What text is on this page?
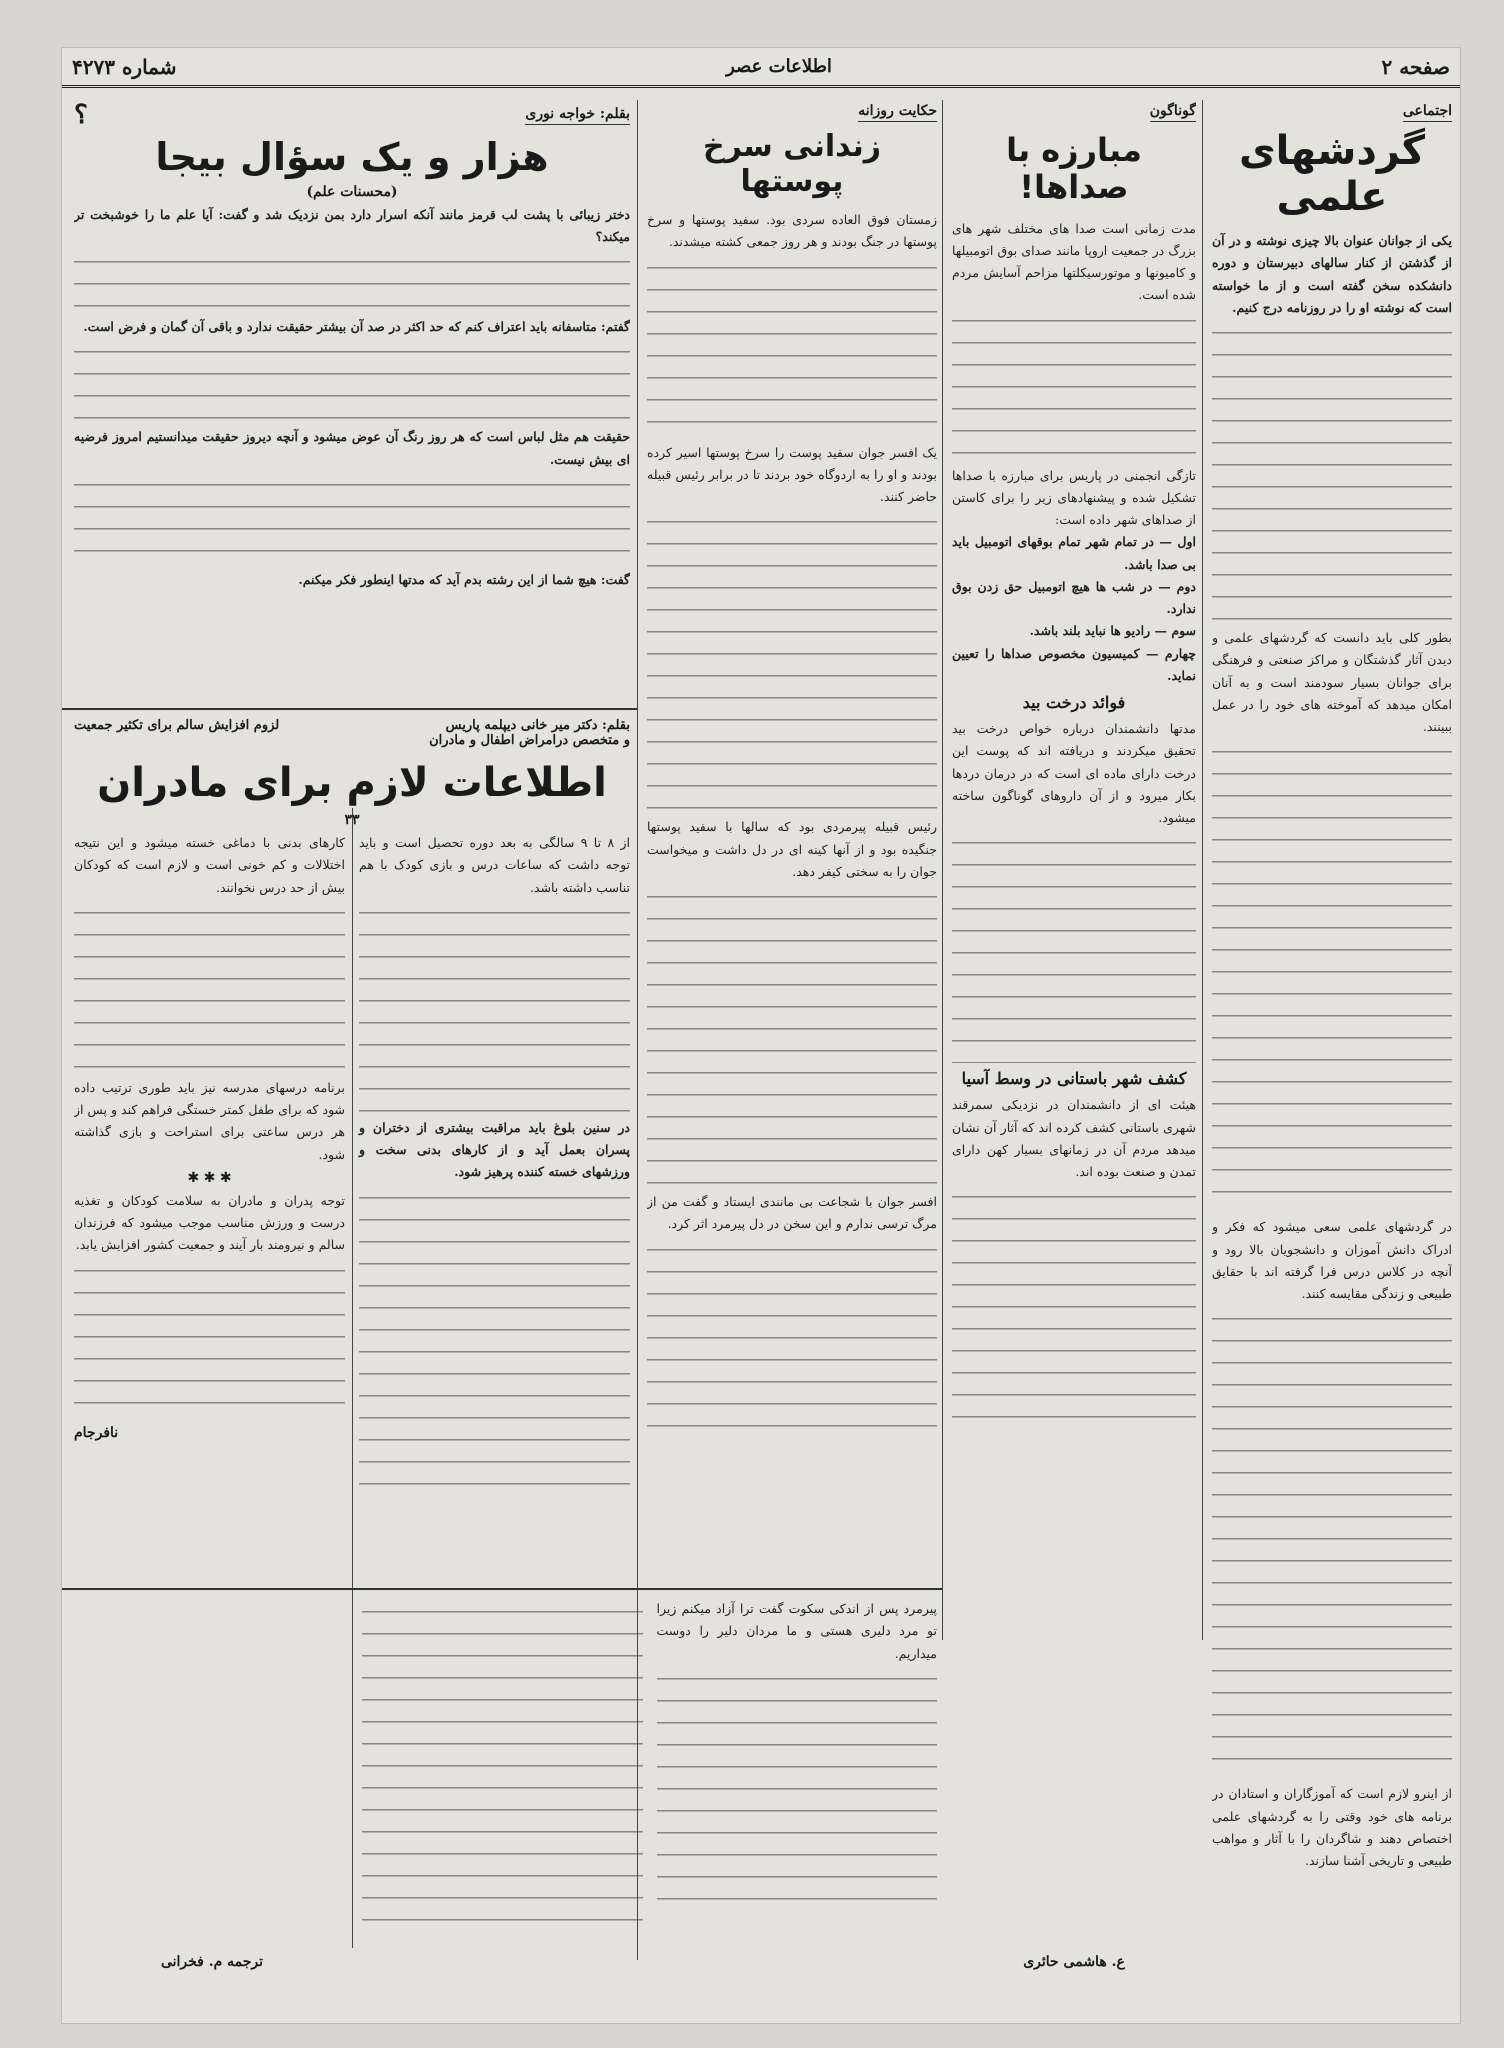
صفحه ۲
اطلاعات عصر
شماره ۴۲۷۳
اجتماعی
گردشهای علمی

یکی از جوانان عنوان بالا چیزی نوشته و در آن از گذشتن از کنار سالهای دبیرستان و دوره دانشکده سخن گفته است و از ما خواسته است که نوشته او را در روزنامه درج کنیم.

بطور کلی باید دانست که گردشهای علمی و دیدن آثار گذشتگان و مراکز صنعتی و فرهنگی برای جوانان بسیار سودمند است و به آنان امکان میدهد که آموخته های خود را در عمل ببینند.

در گردشهای علمی سعی میشود که فکر و ادراک دانش آموزان و دانشجویان بالا رود و آنچه در کلاس درس فرا گرفته اند با حقایق طبیعی و زندگی مقایسه کنند.

از اینرو لازم است که آموزگاران و استادان در برنامه های خود وقتی را به گردشهای علمی اختصاص دهند و شاگردان را با آثار و مواهب طبیعی و تاریخی آشنا سازند.

گوناگون
مبارزه با صداها!

مدت زمانی است صدا های مختلف شهر های بزرگ در جمعیت اروپا مانند صدای بوق اتومبیلها و کامیونها و موتورسیکلتها مزاحم آسایش مردم شده است.

تازگی انجمنی در پاریس برای مبارزه با صداها تشکیل شده و پیشنهادهای زیر را برای کاستن از صداهای شهر داده است:

اول — در تمام شهر تمام بوقهای اتومبیل باید بی صدا باشد.

دوم — در شب ها هیچ اتومبیل حق زدن بوق ندارد.

سوم — رادیو ها نباید بلند باشد.

چهارم — کمیسیون مخصوص صداها را تعیین نماید.

فوائد درخت بید

مدتها دانشمندان درباره خواص درخت بید تحقیق میکردند و دریافته اند که پوست این درخت دارای ماده ای است که در درمان دردها بکار میرود و از آن داروهای گوناگون ساخته میشود.

کشف شهر باستانی در وسط آسیا

هیئت ای از دانشمندان در نزدیکی سمرقند شهری باستانی کشف کرده اند که آثار آن نشان میدهد مردم آن در زمانهای بسیار کهن دارای تمدن و صنعت بوده اند.

حکایت روزانه
زندانی سرخ پوستها

زمستان فوق العاده سردی بود. سفید پوستها و سرخ پوستها در جنگ بودند و هر روز جمعی کشته میشدند.

یک افسر جوان سفید پوست را سرخ پوستها اسیر کرده بودند و او را به اردوگاه خود بردند تا در برابر رئیس قبیله حاضر کنند.

رئیس قبیله پیرمردی بود که سالها با سفید پوستها جنگیده بود و از آنها کینه ای در دل داشت و میخواست جوان را به سختی کیفر دهد.

افسر جوان با شجاعت بی مانندی ایستاد و گفت من از مرگ ترسی ندارم و این سخن در دل پیرمرد اثر کرد.

پیرمرد پس از اندکی سکوت گفت ترا آزاد میکنم زیرا تو مرد دلیری هستی و ما مردان دلیر را دوست میداریم.

ترجمه م. فخرانی	ع. هاشمی حائری
بقلم: خواجه نوری
؟
هزار و یک سؤال بیجا
(محسنات علم)

دختر زیبائی با پشت لب قرمز مانند آنکه اسرار دارد بمن نزدیک شد و گفت: آیا علم ما را خوشبخت تر میکند؟

گفتم: متاسفانه باید اعتراف کنم که حد اکثر در صد آن بیشتر حقیقت ندارد و باقی آن گمان و فرض است.

حقیقت هم مثل لباس است که هر روز رنگ آن عوض میشود و آنچه دیروز حقیقت میدانستیم امروز فرضیه ای بیش نیست.

گفت: هیچ شما از این رشته بدم آید که مدتها اینطور فکر میکنم.

بقلم: دکتر میر خانی دیپلمه پاریس
و متخصص درامراض اطفال و مادران
لزوم افزایش سالم برای تکثیر جمعیت
اطلاعات لازم برای مادران
۳۳

از ۸ تا ۹ سالگی به بعد دوره تحصیل است و باید توجه داشت که ساعات درس و بازی کودک با هم تناسب داشته باشد.

در سنین بلوغ باید مراقبت بیشتری از دختران و پسران بعمل آید و از کارهای بدنی سخت و ورزشهای خسته کننده پرهیز شود.

کارهای بدنی با دماغی خسته میشود و این نتیجه اختلالات و کم خونی است و لازم است که کودکان بیش از حد درس نخوانند.

برنامه درسهای مدرسه نیز باید طوری ترتیب داده شود که برای طفل کمتر خستگی فراهم کند و پس از هر درس ساعتی برای استراحت و بازی گذاشته شود.

✱ ✱ ✱

توجه پدران و مادران به سلامت کودکان و تغذیه درست و ورزش مناسب موجب میشود که فرزندان سالم و نیرومند بار آیند و جمعیت کشور افزایش یابد.

نافرجام
